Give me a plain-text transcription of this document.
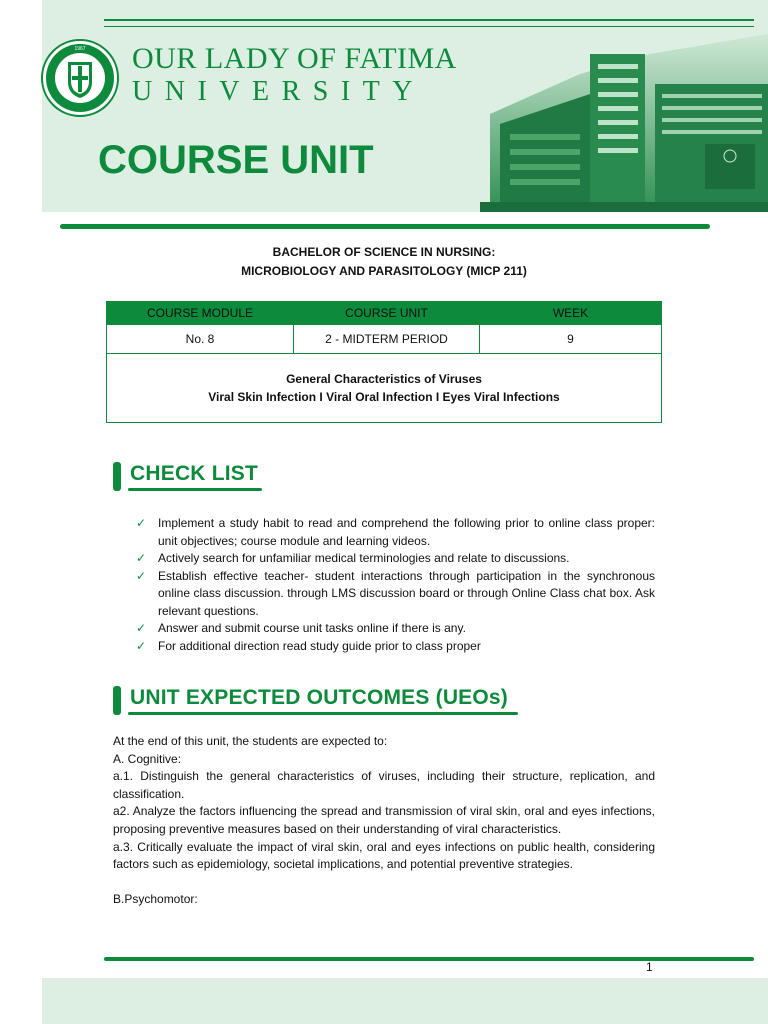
1967 OUR LADY OF FATIMA
UNIVERSITY
COURSE UNIT
BACHELOR OF SCIENCE IN NURSING:
MICROBIOLOGY AND PARASITOLOGY (MICP 211)
COURSE MODULE	COURSE UNIT	WEEK
No. 8	2 - MIDTERM PERIOD	9

General Characteristics of Viruses
Viral Skin Infection I Viral Oral Infection I Eyes Viral Infections		
CHECK LIST
✓ Implement a study habit to read and comprehend the following prior to online class proper: unit objectives; course module and learning videos.
✓ Actively search for unfamiliar medical terminologies and relate to discussions.
✓ Establish effective teacher- student interactions through participation in the synchronous online class discussion. through LMS discussion board or through Online Class chat box. Ask relevant questions.
✓ Answer and submit course unit tasks online if there is any.
✓ For additional direction read study guide prior to class proper
UNIT EXPECTED OUTCOMES (UEOs)

At the end of this unit, the students are expected to:

A. Cognitive:

a.1. Distinguish the general characteristics of viruses, including their structure, replication, and classification.

a2. Analyze the factors influencing the spread and transmission of viral skin, oral and eyes infections, proposing preventive measures based on their understanding of viral characteristics.

a.3. Critically evaluate the impact of viral skin, oral and eyes infections on public health, considering factors such as epidemiology, societal implications, and potential preventive strategies.

B.Psychomotor:

1
